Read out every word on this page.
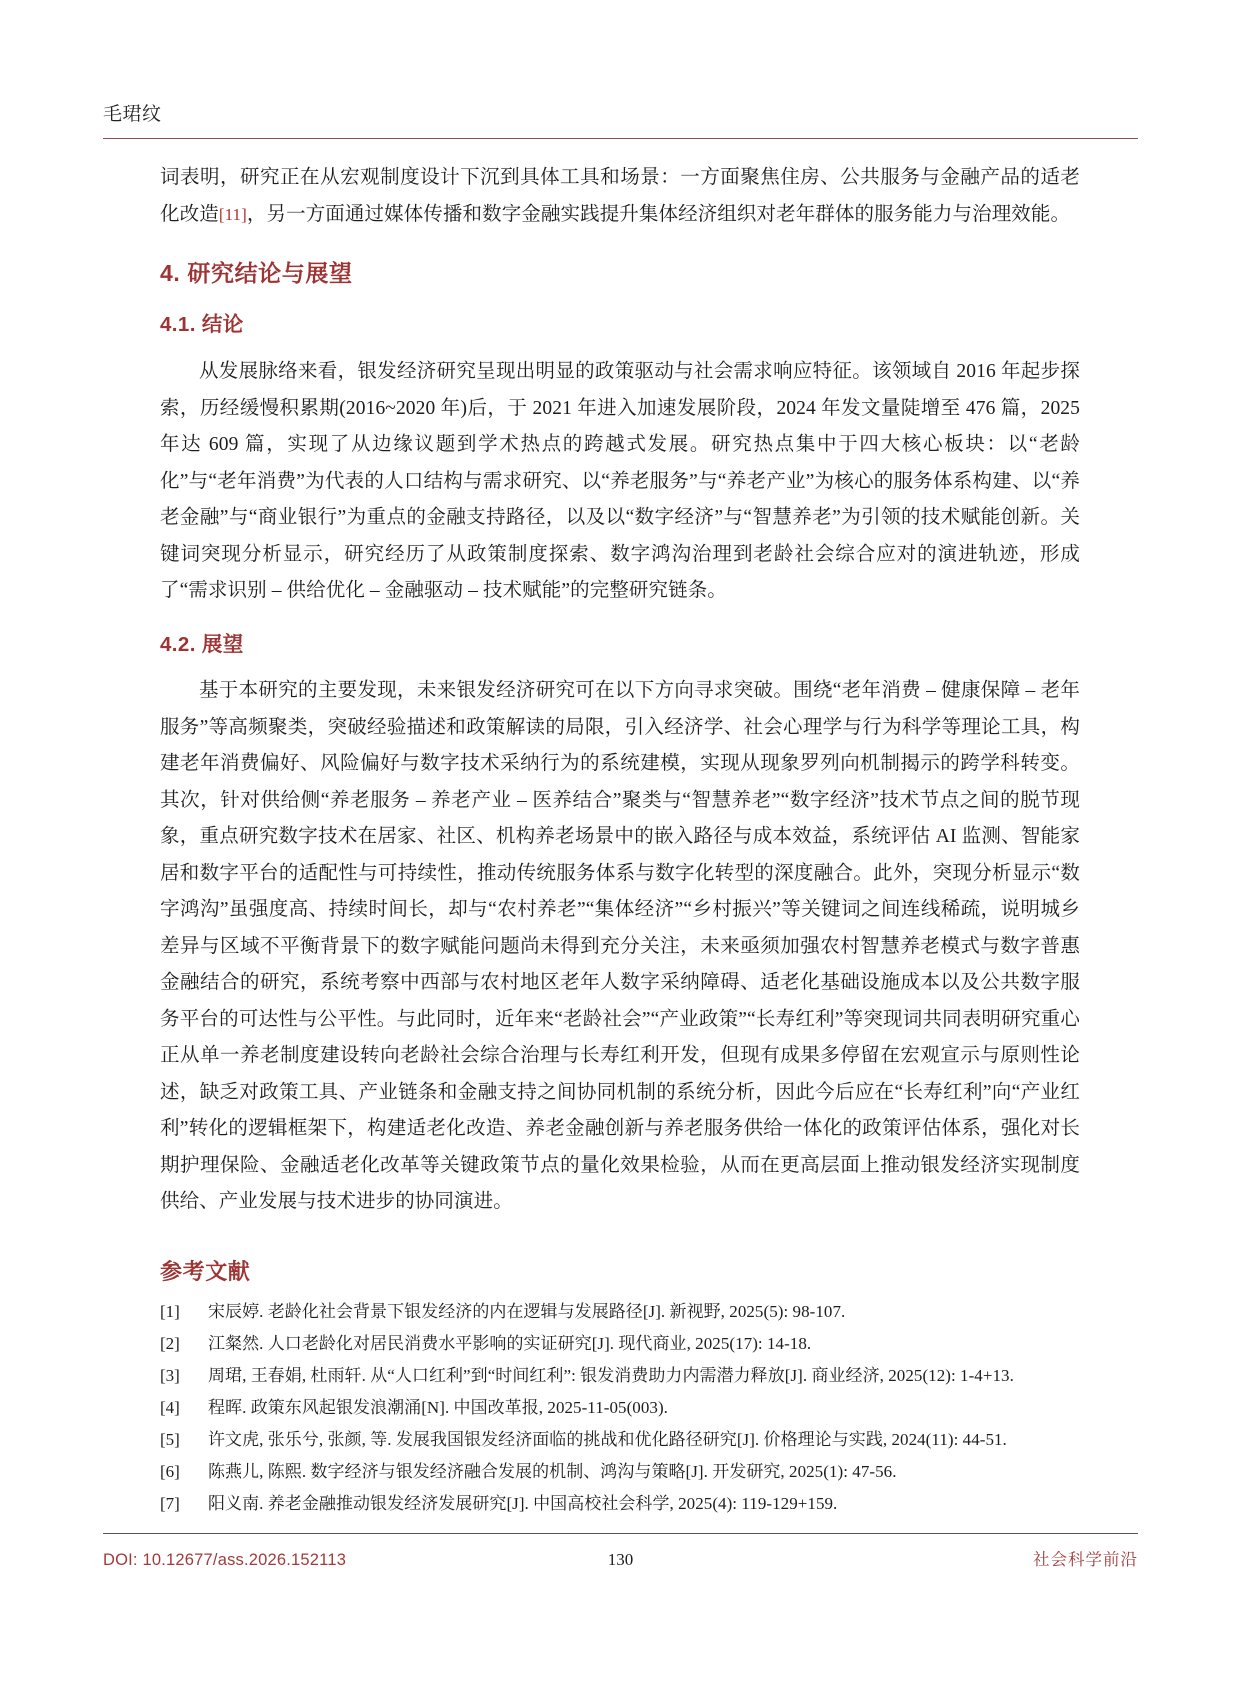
毛珺纹

词表明，研究正在从宏观制度设计下沉到具体工具和场景：一方面聚焦住房、公共服务与金融产品的适老化改造[11]，另一方面通过媒体传播和数字金融实践提升集体经济组织对老年群体的服务能力与治理效能。

4. 研究结论与展望
4.1. 结论

从发展脉络来看，银发经济研究呈现出明显的政策驱动与社会需求响应特征。该领域自 2016 年起步探索，历经缓慢积累期(2016~2020 年)后，于 2021 年进入加速发展阶段，2024 年发文量陡增至 476 篇，2025 年达 609 篇，实现了从边缘议题到学术热点的跨越式发展。研究热点集中于四大核心板块：以“老龄化”与“老年消费”为代表的人口结构与需求研究、以“养老服务”与“养老产业”为核心的服务体系构建、以“养老金融”与“商业银行”为重点的金融支持路径，以及以“数字经济”与“智慧养老”为引领的技术赋能创新。关键词突现分析显示，研究经历了从政策制度探索、数字鸿沟治理到老龄社会综合应对的演进轨迹，形成了“需求识别 – 供给优化 – 金融驱动 – 技术赋能”的完整研究链条。

4.2. 展望

基于本研究的主要发现，未来银发经济研究可在以下方向寻求突破。围绕“老年消费 – 健康保障 – 老年服务”等高频聚类，突破经验描述和政策解读的局限，引入经济学、社会心理学与行为科学等理论工具，构建老年消费偏好、风险偏好与数字技术采纳行为的系统建模，实现从现象罗列向机制揭示的跨学科转变。其次，针对供给侧“养老服务 – 养老产业 – 医养结合”聚类与“智慧养老”“数字经济”技术节点之间的脱节现象，重点研究数字技术在居家、社区、机构养老场景中的嵌入路径与成本效益，系统评估 AI 监测、智能家居和数字平台的适配性与可持续性，推动传统服务体系与数字化转型的深度融合。此外，突现分析显示“数字鸿沟”虽强度高、持续时间长，却与“农村养老”“集体经济”“乡村振兴”等关键词之间连线稀疏，说明城乡差异与区域不平衡背景下的数字赋能问题尚未得到充分关注，未来亟须加强农村智慧养老模式与数字普惠金融结合的研究，系统考察中西部与农村地区老年人数字采纳障碍、适老化基础设施成本以及公共数字服务平台的可达性与公平性。与此同时，近年来“老龄社会”“产业政策”“长寿红利”等突现词共同表明研究重心正从单一养老制度建设转向老龄社会综合治理与长寿红利开发，但现有成果多停留在宏观宣示与原则性论述，缺乏对政策工具、产业链条和金融支持之间协同机制的系统分析，因此今后应在“长寿红利”向“产业红利”转化的逻辑框架下，构建适老化改造、养老金融创新与养老服务供给一体化的政策评估体系，强化对长期护理保险、金融适老化改革等关键政策节点的量化效果检验，从而在更高层面上推动银发经济实现制度供给、产业发展与技术进步的协同演进。

参考文献
[1]	宋辰婷. 老龄化社会背景下银发经济的内在逻辑与发展路径[J]. 新视野, 2025(5): 98-107.
[2]	江粲然. 人口老龄化对居民消费水平影响的实证研究[J]. 现代商业, 2025(17): 14-18.
[3]	周珺, 王春娟, 杜雨轩. 从“人口红利”到“时间红利”: 银发消费助力内需潜力释放[J]. 商业经济, 2025(12): 1-4+13.
[4]	程晖. 政策东风起银发浪潮涌[N]. 中国改革报, 2025-11-05(003).
[5]	许文虎, 张乐兮, 张颜, 等. 发展我国银发经济面临的挑战和优化路径研究[J]. 价格理论与实践, 2024(11): 44-51.
[6]	陈燕儿, 陈熙. 数字经济与银发经济融合发展的机制、鸿沟与策略[J]. 开发研究, 2025(1): 47-56.
[7]	阳义南. 养老金融推动银发经济发展研究[J]. 中国高校社会科学, 2025(4): 119-129+159.
DOI: 10.12677/ass.2026.152113	130	社会科学前沿
